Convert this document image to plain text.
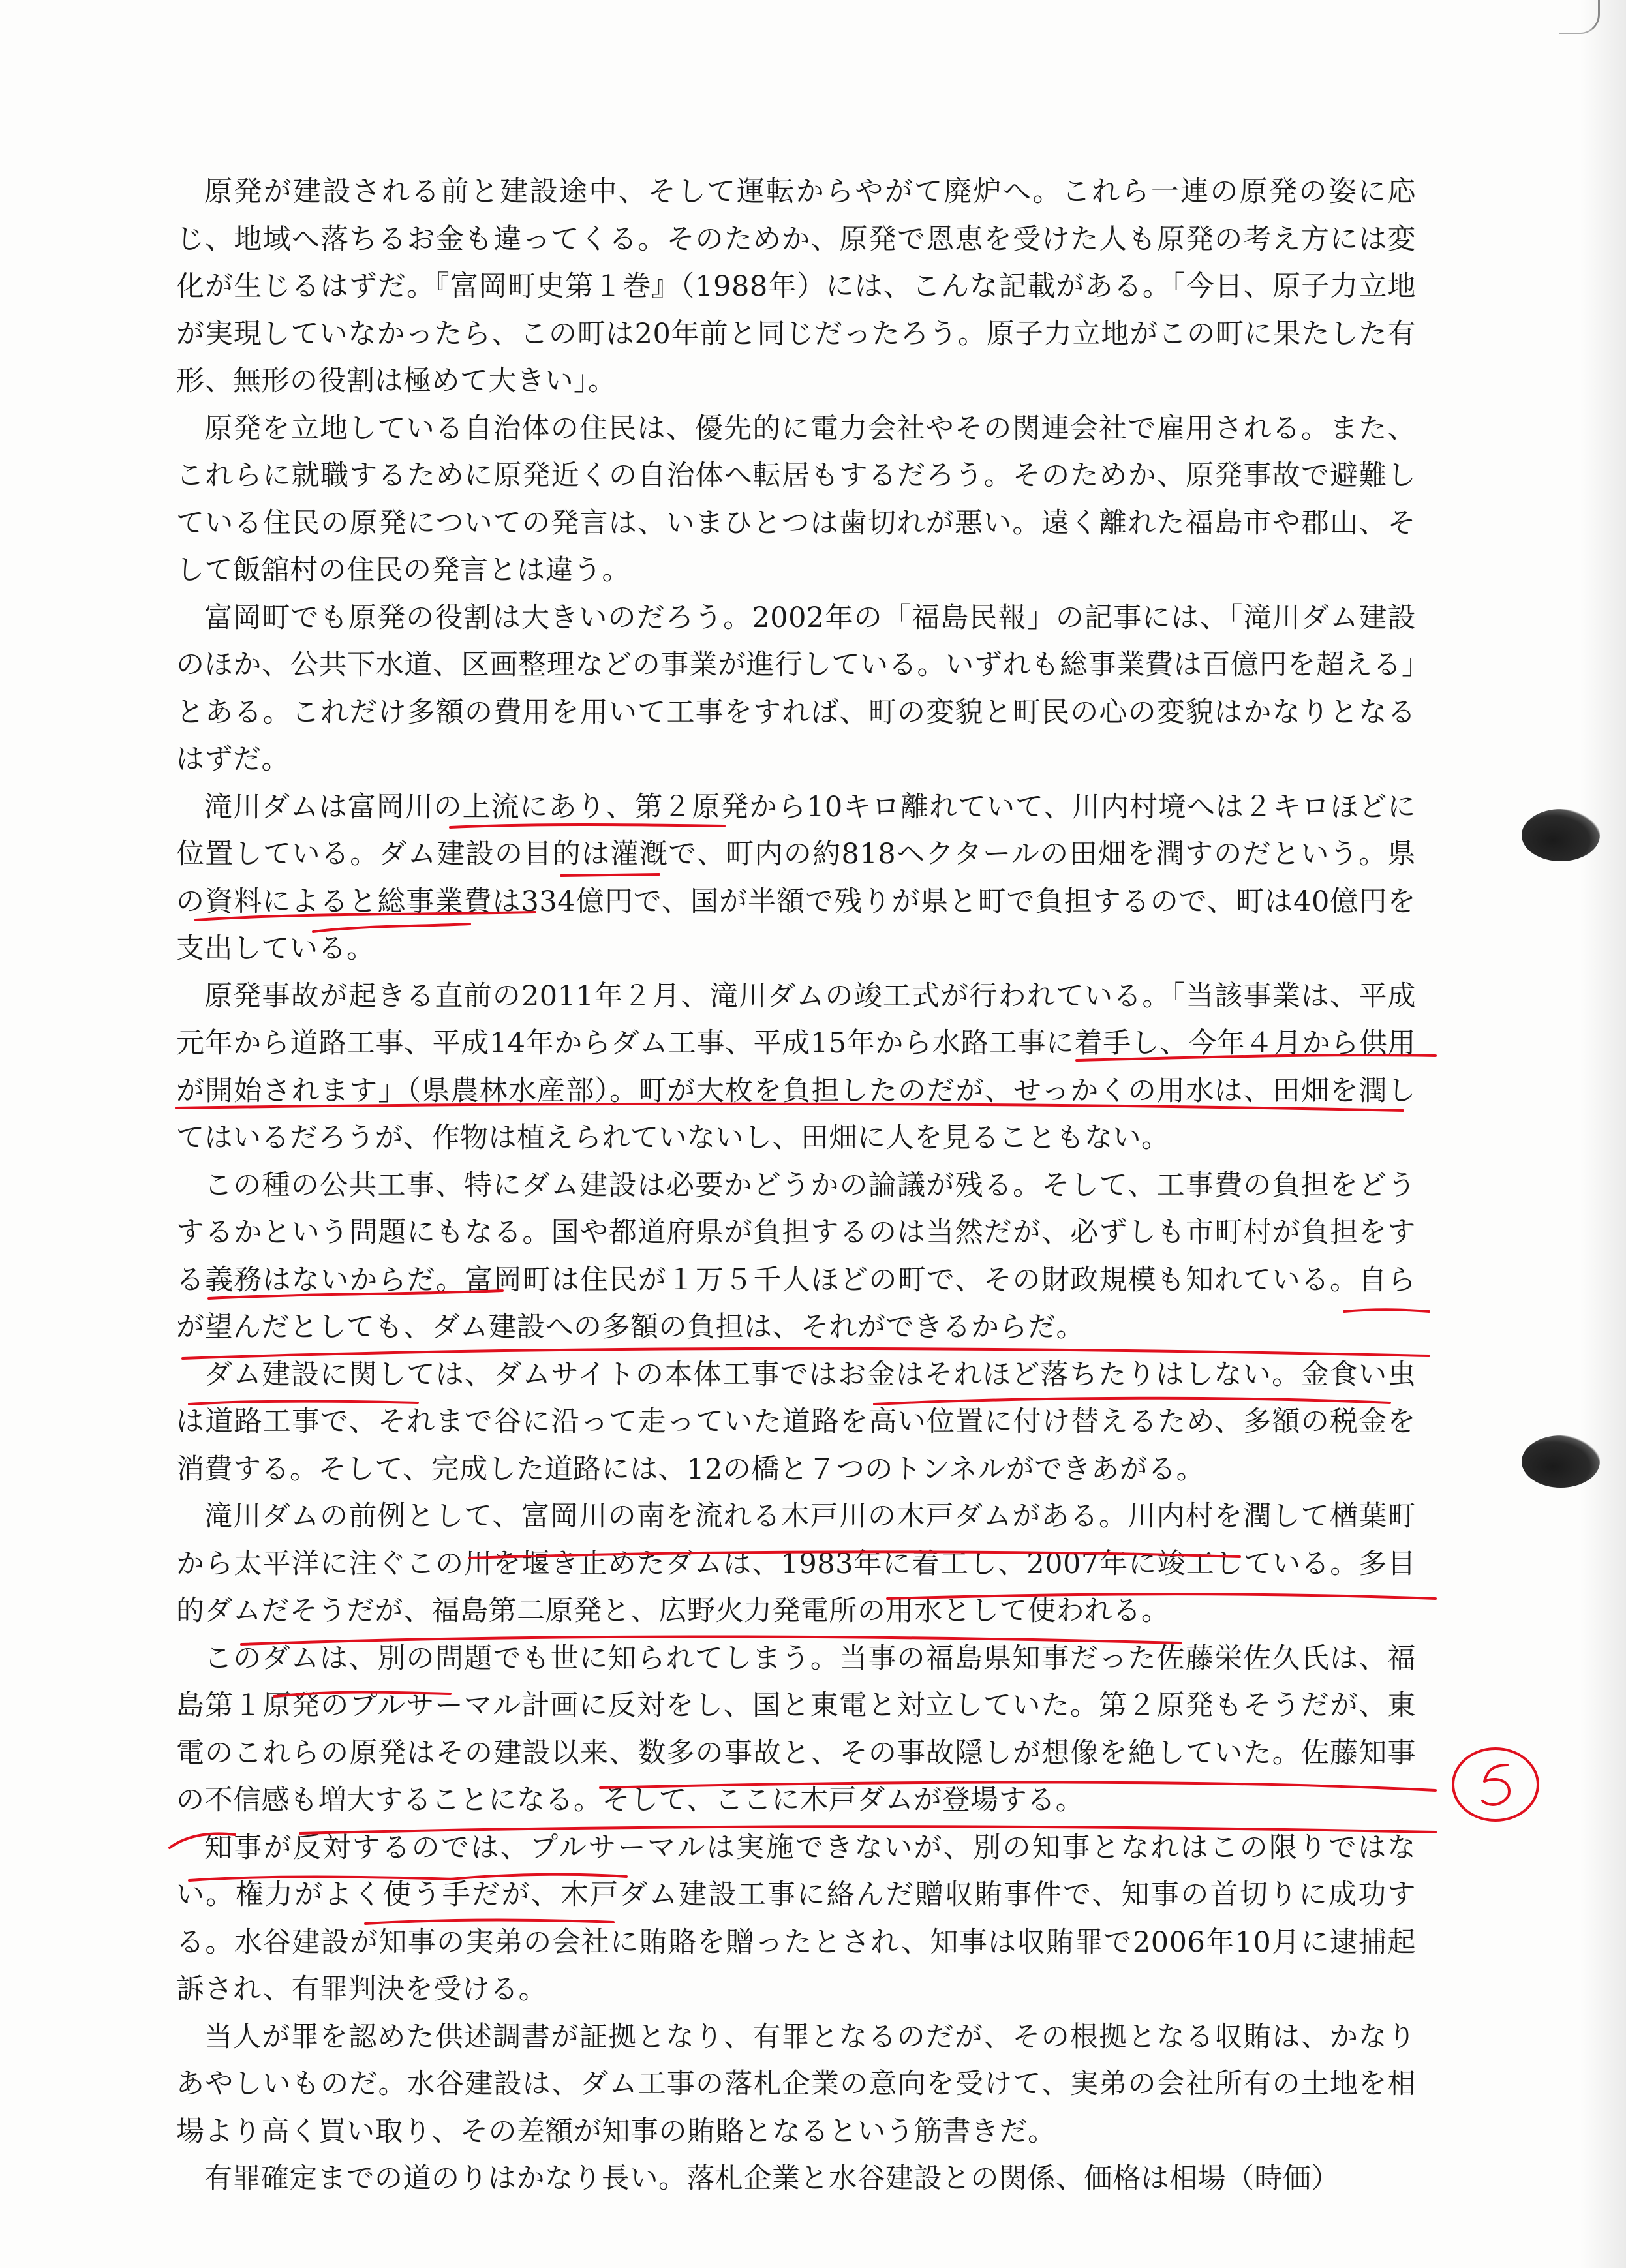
原発が建設される前と建設途中、そして運転からやがて廃炉へ。これら一連の原発の姿に応じ、地域へ落ちるお金も違ってくる。そのためか、原発で恩恵を受けた人も原発の考え方には変化が生じるはずだ。『富岡町史第１巻』（1988年）には、こんな記載がある。「今日、原子力立地が実現していなかったら、この町は20年前と同じだったろう。原子力立地がこの町に果たした有形、無形の役割は極めて大きい」。

原発を立地している自治体の住民は、優先的に電力会社やその関連会社で雇用される。また、これらに就職するために原発近くの自治体へ転居もするだろう。そのためか、原発事故で避難している住民の原発についての発言は、いまひとつは歯切れが悪い。遠く離れた福島市や郡山、そして飯舘村の住民の発言とは違う。

富岡町でも原発の役割は大きいのだろう。2002年の「福島民報」の記事には、「滝川ダム建設のほか、公共下水道、区画整理などの事業が進行している。いずれも総事業費は百億円を超える」とある。これだけ多額の費用を用いて工事をすれば、町の変貌と町民の心の変貌はかなりとなるはずだ。

滝川ダムは富岡川の上流にあり、第２原発から10キロ離れていて、川内村境へは２キロほどに位置している。ダム建設の目的は灌漑で、町内の約818ヘクタールの田畑を潤すのだという。県の資料によると総事業費は334億円で、国が半額で残りが県と町で負担するので、町は40億円を支出している。

原発事故が起きる直前の2011年２月、滝川ダムの竣工式が行われている。「当該事業は、平成元年から道路工事、平成14年からダム工事、平成15年から水路工事に着手し、今年４月から供用が開始されます」（県農林水産部）。町が大枚を負担したのだが、せっかくの用水は、田畑を潤してはいるだろうが、作物は植えられていないし、田畑に人を見ることもない。

この種の公共工事、特にダム建設は必要かどうかの論議が残る。そして、工事費の負担をどうするかという問題にもなる。国や都道府県が負担するのは当然だが、必ずしも市町村が負担をする義務はないからだ。富岡町は住民が１万５千人ほどの町で、その財政規模も知れている。自らが望んだとしても、ダム建設への多額の負担は、それができるからだ。

ダム建設に関しては、ダムサイトの本体工事ではお金はそれほど落ちたりはしない。金食い虫は道路工事で、それまで谷に沿って走っていた道路を高い位置に付け替えるため、多額の税金を消費する。そして、完成した道路には、12の橋と７つのトンネルができあがる。

滝川ダムの前例として、富岡川の南を流れる木戸川の木戸ダムがある。川内村を潤して楢葉町から太平洋に注ぐこの川を堰き止めたダムは、1983年に着工し、2007年に竣工している。多目的ダムだそうだが、福島第二原発と、広野火力発電所の用水として使われる。

このダムは、別の問題でも世に知られてしまう。当事の福島県知事だった佐藤栄佐久氏は、福島第１原発のプルサーマル計画に反対をし、国と東電と対立していた。第２原発もそうだが、東電のこれらの原発はその建設以来、数多の事故と、その事故隠しが想像を絶していた。佐藤知事の不信感も増大することになる。そして、ここに木戸ダムが登場する。

知事が反対するのでは、プルサーマルは実施できないが、別の知事となれはこの限りではない。権力がよく使う手だが、木戸ダム建設工事に絡んだ贈収賄事件で、知事の首切りに成功する。水谷建設が知事の実弟の会社に賄賂を贈ったとされ、知事は収賄罪で2006年10月に逮捕起訴され、有罪判決を受ける。

当人が罪を認めた供述調書が証拠となり、有罪となるのだが、その根拠となる収賄は、かなりあやしいものだ。水谷建設は、ダム工事の落札企業の意向を受けて、実弟の会社所有の土地を相場より高く買い取り、その差額が知事の賄賂となるという筋書きだ。

有罪確定までの道のりはかなり長い。落札企業と水谷建設との関係、価格は相場（時価）
